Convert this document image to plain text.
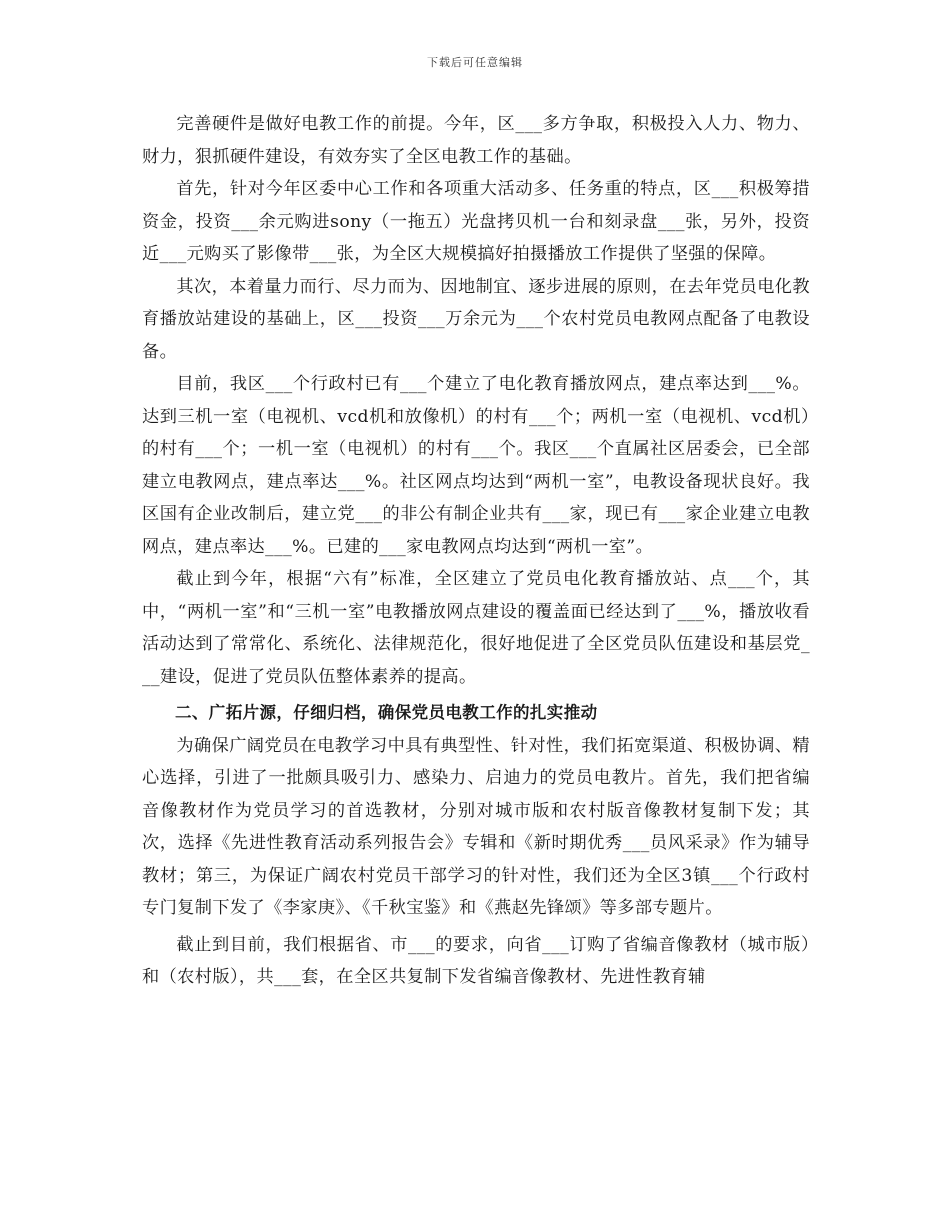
下载后可任意编辑

完善硬件是做好电教工作的前提。今年，区___多方争取，积极投入人力、物力、财力，狠抓硬件建设，有效夯实了全区电教工作的基础。

首先，针对今年区委中心工作和各项重大活动多、任务重的特点，区___积极筹措资金，投资___余元购进sony（一拖五）光盘拷贝机一台和刻录盘___张，另外，投资近___元购买了影像带___张，为全区大规模搞好拍摄播放工作提供了坚强的保障。

其次，本着量力而行、尽力而为、因地制宜、逐步进展的原则，在去年党员电化教育播放站建设的基础上，区___投资___万余元为___个农村党员电教网点配备了电教设备。

目前，我区___个行政村已有___个建立了电化教育播放网点，建点率达到___%。达到三机一室（电视机、vcd机和放像机）的村有___个；两机一室（电视机、vcd机）的村有___个；一机一室（电视机）的村有___个。我区___个直属社区居委会，已全部建立电教网点，建点率达___%。社区网点均达到“两机一室”，电教设备现状良好。我区国有企业改制后，建立党___的非公有制企业共有___家，现已有___家企业建立电教网点，建点率达___%。已建的___家电教网点均达到“两机一室”。

截止到今年，根据“六有”标准，全区建立了党员电化教育播放站、点___个，其中，“两机一室”和“三机一室”电教播放网点建设的覆盖面已经达到了___%，播放收看活动达到了常常化、系统化、法律规范化，很好地促进了全区党员队伍建设和基层党___建设，促进了党员队伍整体素养的提高。

二、广拓片源，仔细归档，确保党员电教工作的扎实推动

为确保广阔党员在电教学习中具有典型性、针对性，我们拓宽渠道、积极协调、精心选择，引进了一批颇具吸引力、感染力、启迪力的党员电教片。首先，我们把省编音像教材作为党员学习的首选教材，分别对城市版和农村版音像教材复制下发；其次，选择《先进性教育活动系列报告会》专辑和《新时期优秀___员风采录》作为辅导教材；第三，为保证广阔农村党员干部学习的针对性，我们还为全区3镇___个行政村专门复制下发了《李家庚》、《千秋宝鉴》和《燕赵先锋颂》等多部专题片。

截止到目前，我们根据省、市___的要求，向省___订购了省编音像教材（城市版）和（农村版），共___套，在全区共复制下发省编音像教材、先进性教育辅
